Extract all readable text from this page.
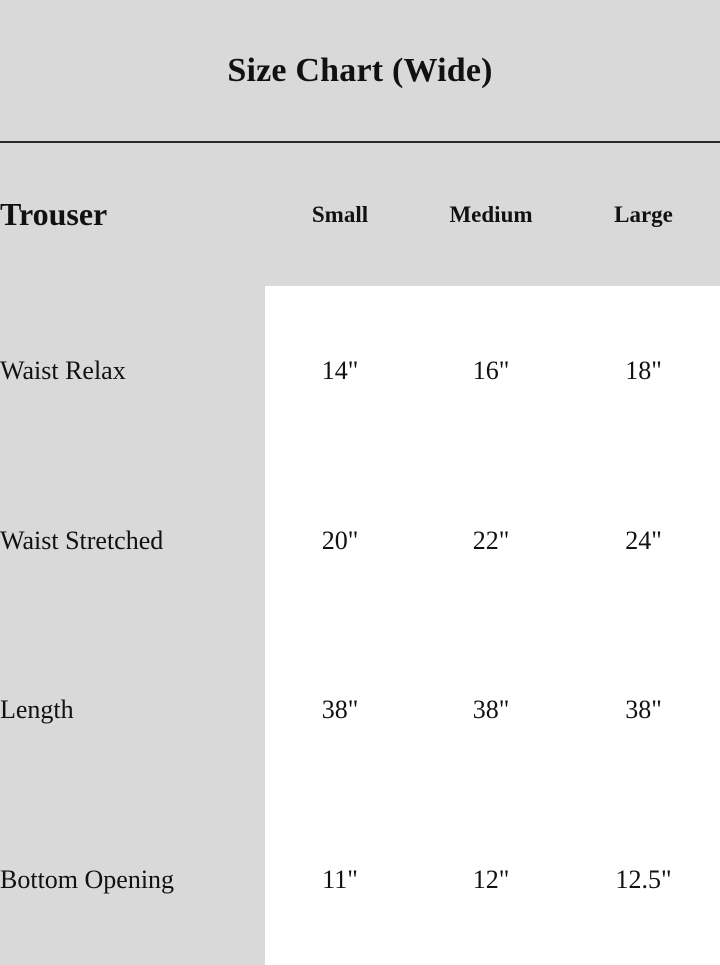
Size Chart (Wide)
Trouser	Small	Medium	Large
Waist Relax	14"	16"	18"
Waist Stretched	20"	22"	24"
Length	38"	38"	38"
Bottom Opening	11"	12"	12.5"
